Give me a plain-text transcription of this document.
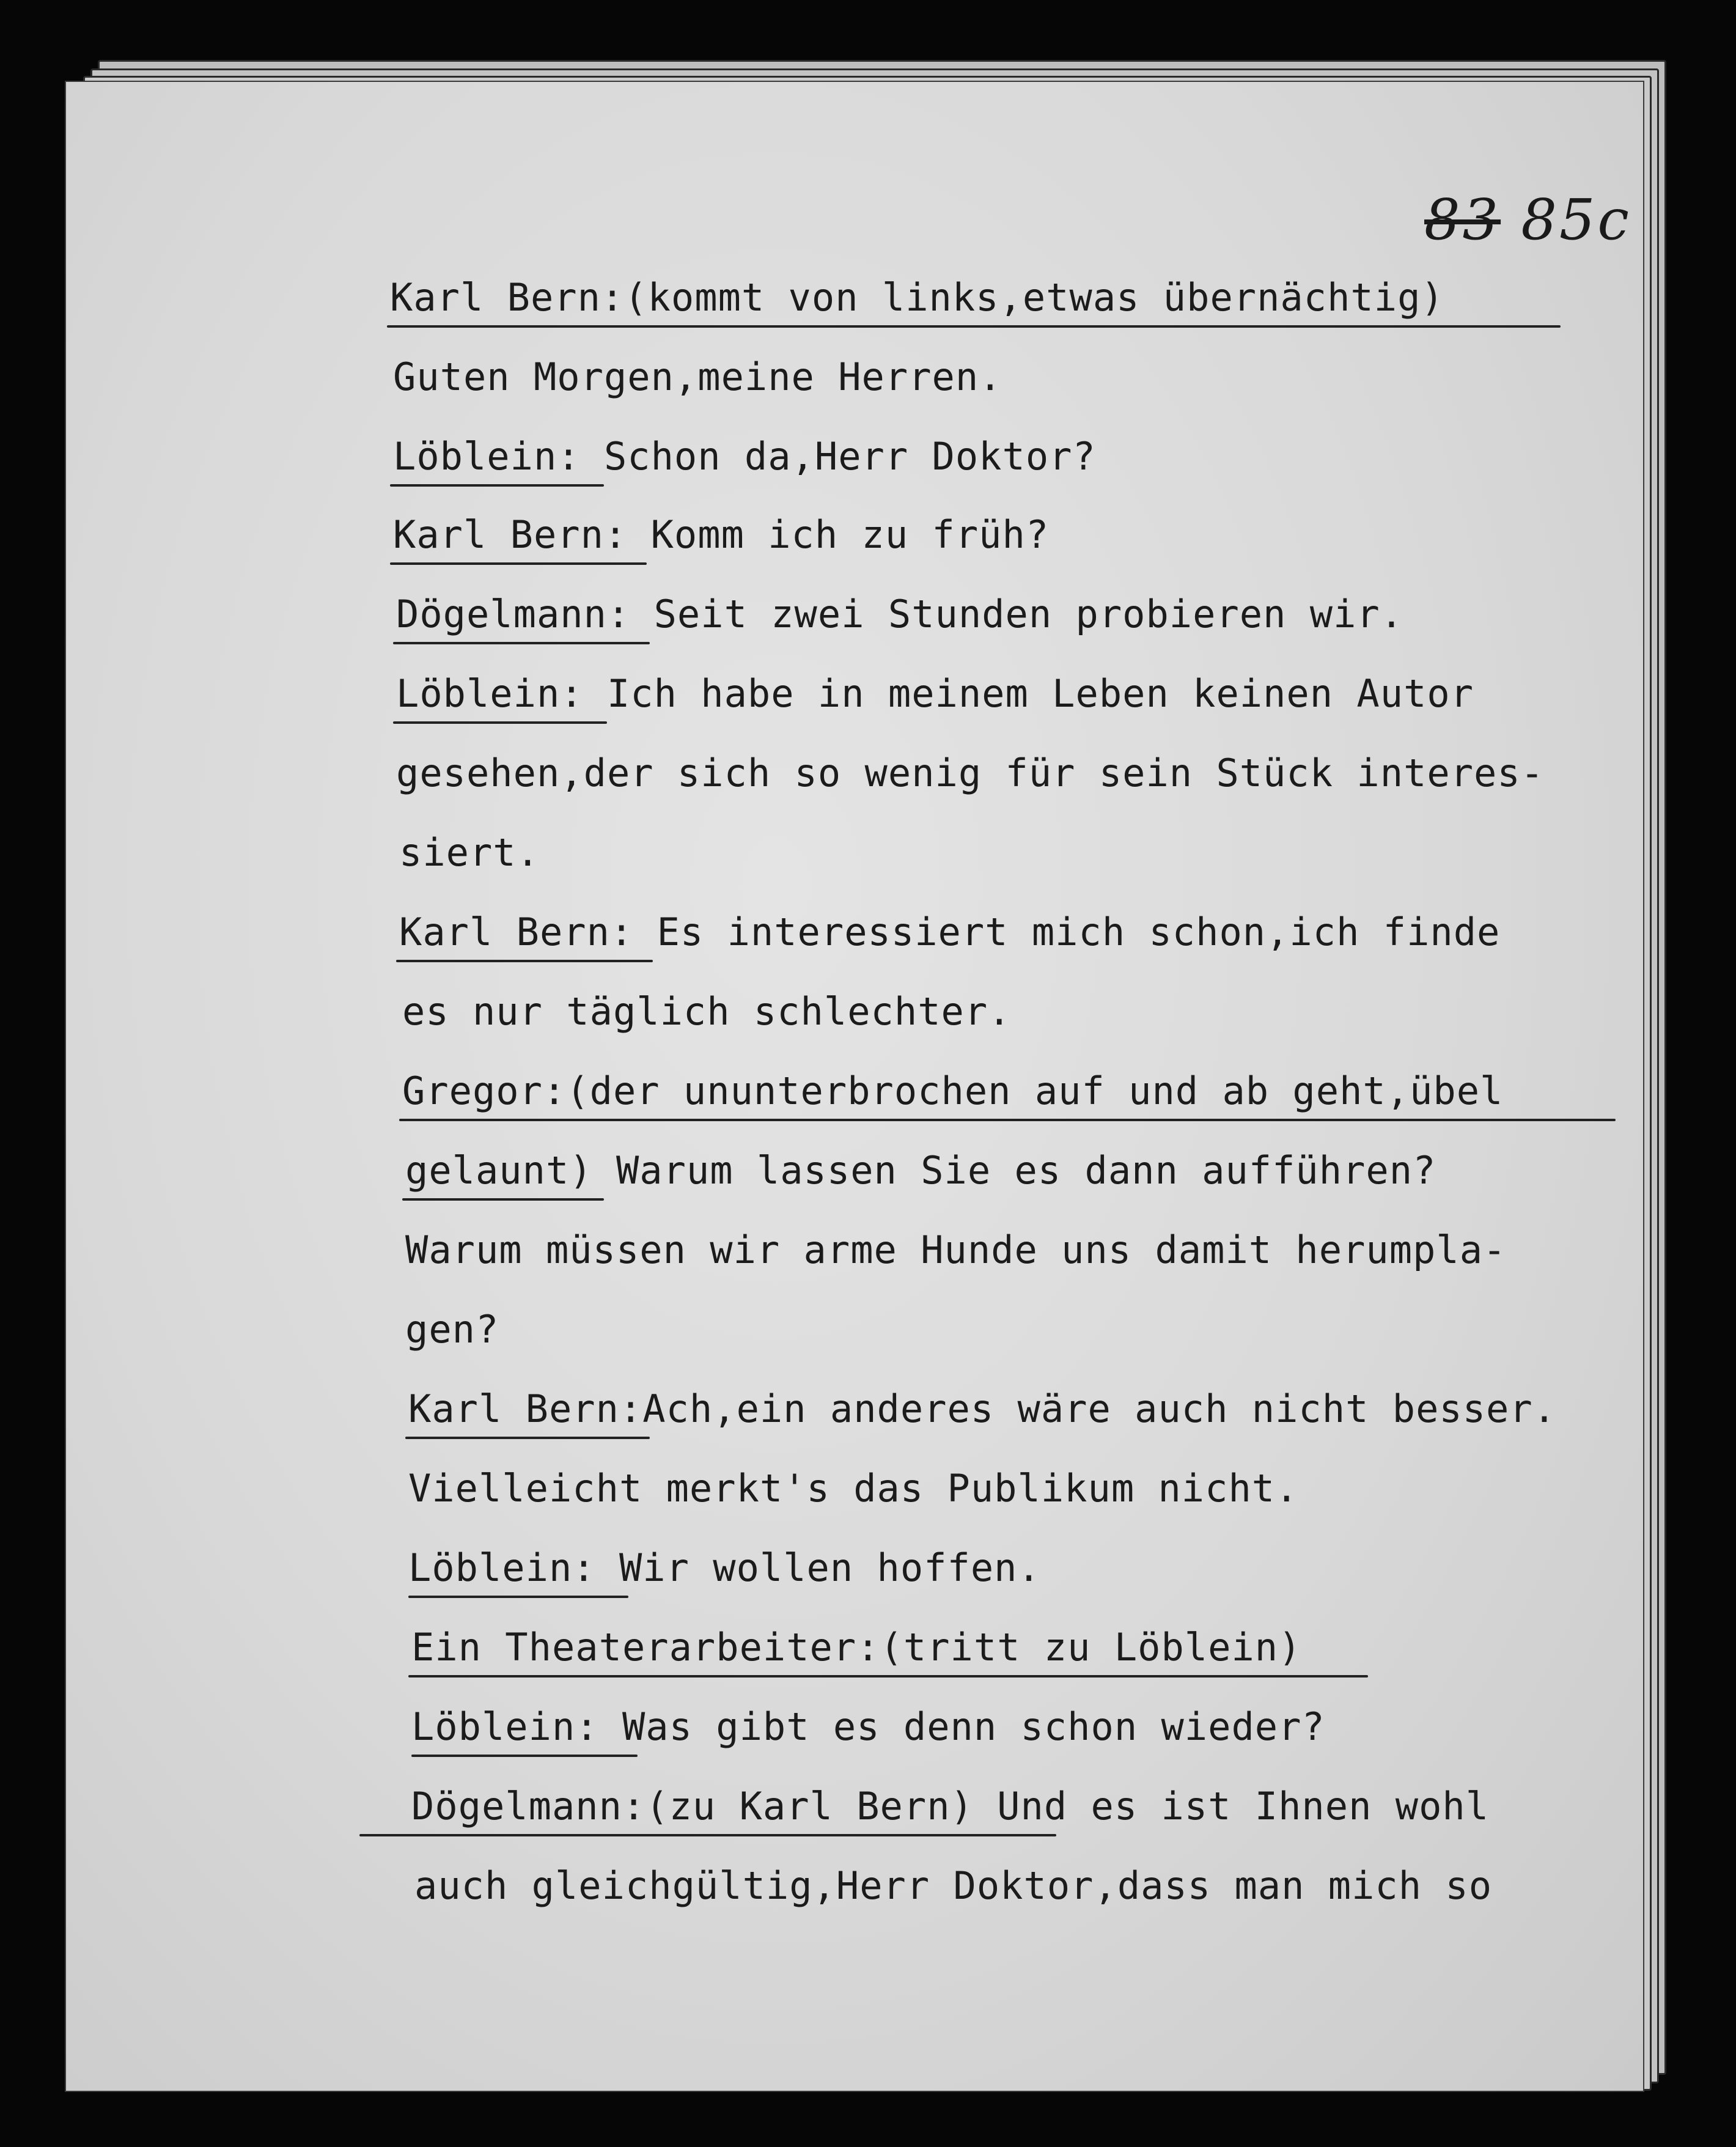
83 85c
Karl Bern:(kommt von links,etwas übernächtig)
Guten Morgen,meine Herren.
Löblein: Schon da,Herr Doktor?
Karl Bern: Komm ich zu früh?
Dögelmann: Seit zwei Stunden probieren wir.
Löblein: Ich habe in meinem Leben keinen Autor
gesehen,der sich so wenig für sein Stück interes-
siert.
Karl Bern: Es interessiert mich schon,ich finde
es nur täglich schlechter.
Gregor:(der ununterbrochen auf und ab geht,übel
gelaunt) Warum lassen Sie es dann aufführen?
Warum müssen wir arme Hunde uns damit herumpla-
gen?
Karl Bern:Ach,ein anderes wäre auch nicht besser.
Vielleicht merkt's das Publikum nicht.
Löblein: Wir wollen hoffen.
Ein Theaterarbeiter:(tritt zu Löblein)
Löblein: Was gibt es denn schon wieder?
Dögelmann:(zu Karl Bern) Und es ist Ihnen wohl
auch gleichgültig,Herr Doktor,dass man mich so
